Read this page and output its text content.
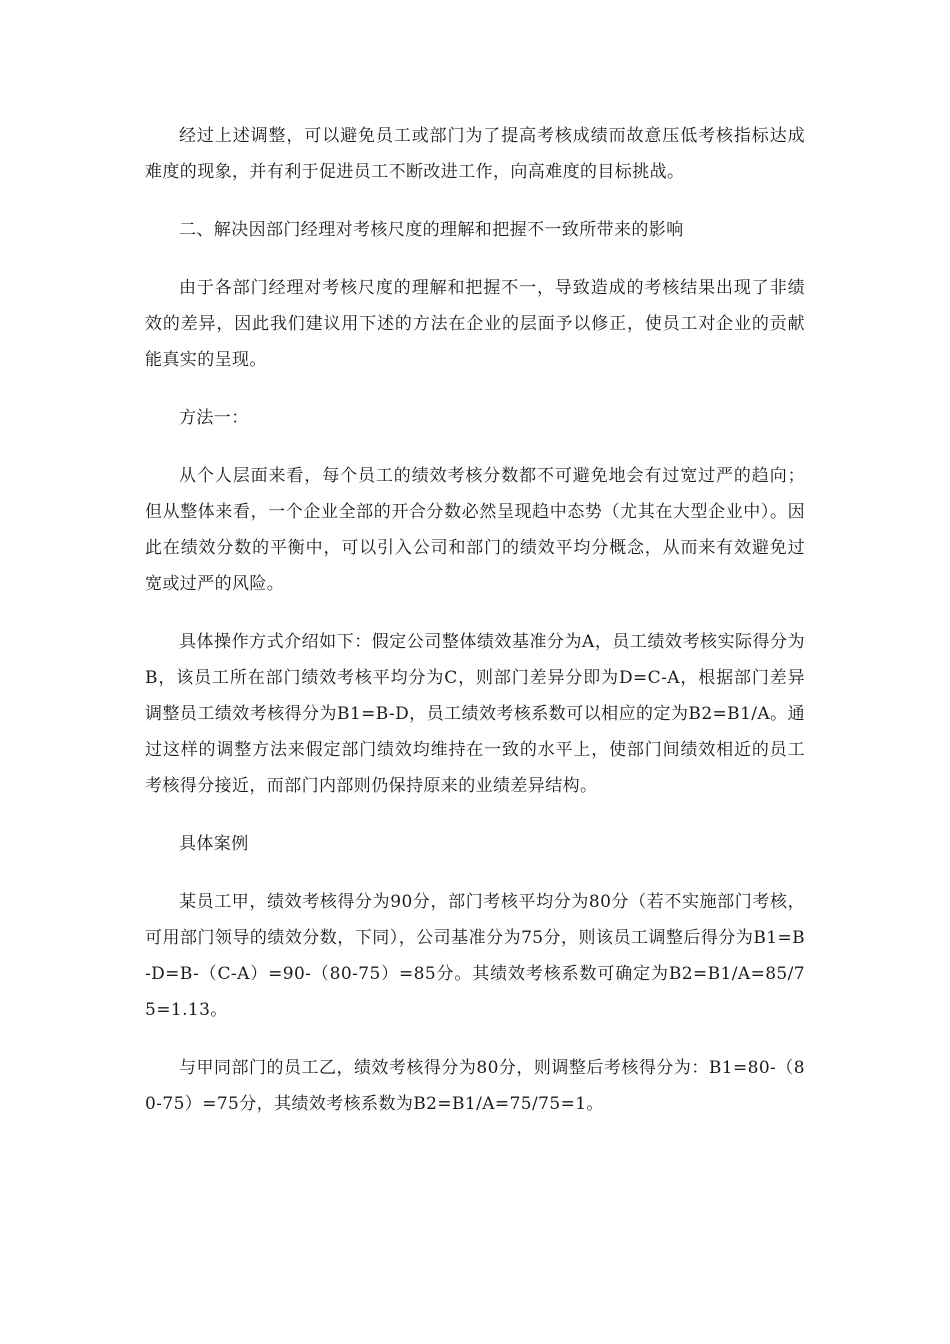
经过上述调整，可以避免员工或部门为了提高考核成绩而故意压低考核指标达成难度的现象，并有利于促进员工不断改进工作，向高难度的目标挑战。

二、解决因部门经理对考核尺度的理解和把握不一致所带来的影响

由于各部门经理对考核尺度的理解和把握不一，导致造成的考核结果出现了非绩效的差异，因此我们建议用下述的方法在企业的层面予以修正，使员工对企业的贡献能真实的呈现。

方法一：

从个人层面来看，每个员工的绩效考核分数都不可避免地会有过宽过严的趋向；但从整体来看，一个企业全部的开合分数必然呈现趋中态势（尤其在大型企业中）。因此在绩效分数的平衡中，可以引入公司和部门的绩效平均分概念，从而来有效避免过宽或过严的风险。

具体操作方式介绍如下：假定公司整体绩效基准分为A，员工绩效考核实际得分为B，该员工所在部门绩效考核平均分为C，则部门差异分即为D=C-A，根据部门差异调整员工绩效考核得分为B1=B-D，员工绩效考核系数可以相应的定为B2=B1/A。通过这样的调整方法来假定部门绩效均维持在一致的水平上，使部门间绩效相近的员工考核得分接近，而部门内部则仍保持原来的业绩差异结构。

具体案例

某员工甲，绩效考核得分为90分，部门考核平均分为80分（若不实施部门考核，可用部门领导的绩效分数，下同），公司基准分为75分，则该员工调整后得分为B1=B-D=B-（C-A）=90-（80-75）=85分。其绩效考核系数可确定为B2=B1/A=85/75=1.13。

与甲同部门的员工乙，绩效考核得分为80分，则调整后考核得分为：B1=80-（80-75）=75分，其绩效考核系数为B2=B1/A=75/75=1。
